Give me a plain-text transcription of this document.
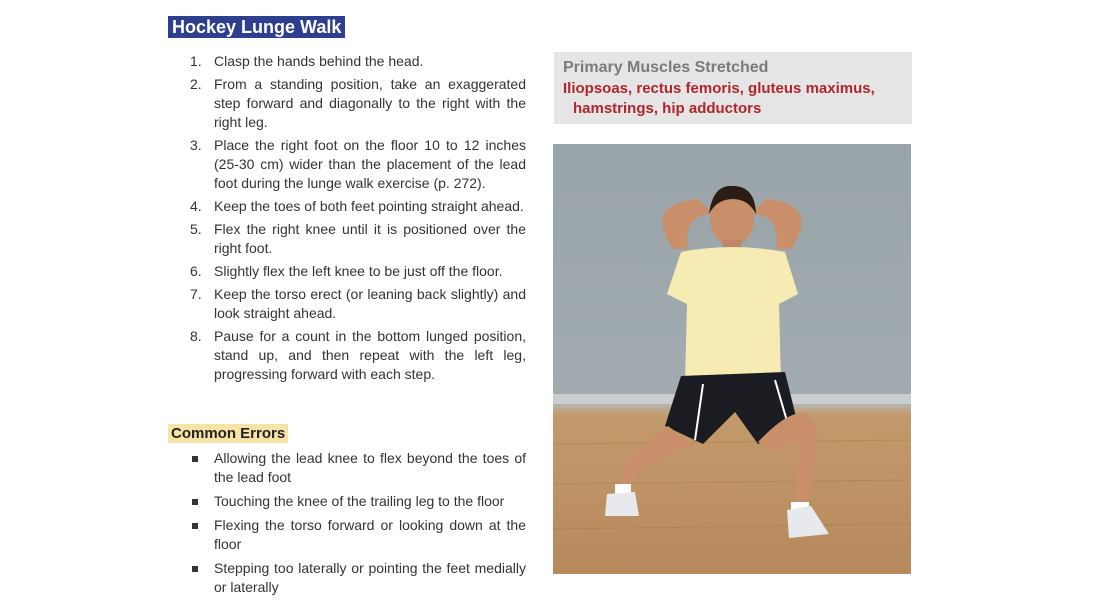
Hockey Lunge Walk
1. Clasp the hands behind the head.
2. From a standing position, take an exaggerated step forward and diagonally to the right with the right leg.
3. Place the right foot on the floor 10 to 12 inches (25-30 cm) wider than the placement of the lead foot during the lunge walk exercise (p. 272).
4. Keep the toes of both feet pointing straight ahead.
5. Flex the right knee until it is positioned over the right foot.
6. Slightly flex the left knee to be just off the floor.
7. Keep the torso erect (or leaning back slightly) and look straight ahead.
8. Pause for a count in the bottom lunged position, stand up, and then repeat with the left leg, progressing forward with each step.
Common Errors
Allowing the lead knee to flex beyond the toes of the lead foot
Touching the knee of the trailing leg to the floor
Flexing the torso forward or looking down at the floor
Stepping too laterally or pointing the feet medially or laterally
Primary Muscles Stretched
Iliopsoas, rectus femoris, gluteus maximus,
hamstrings, hip adductors
